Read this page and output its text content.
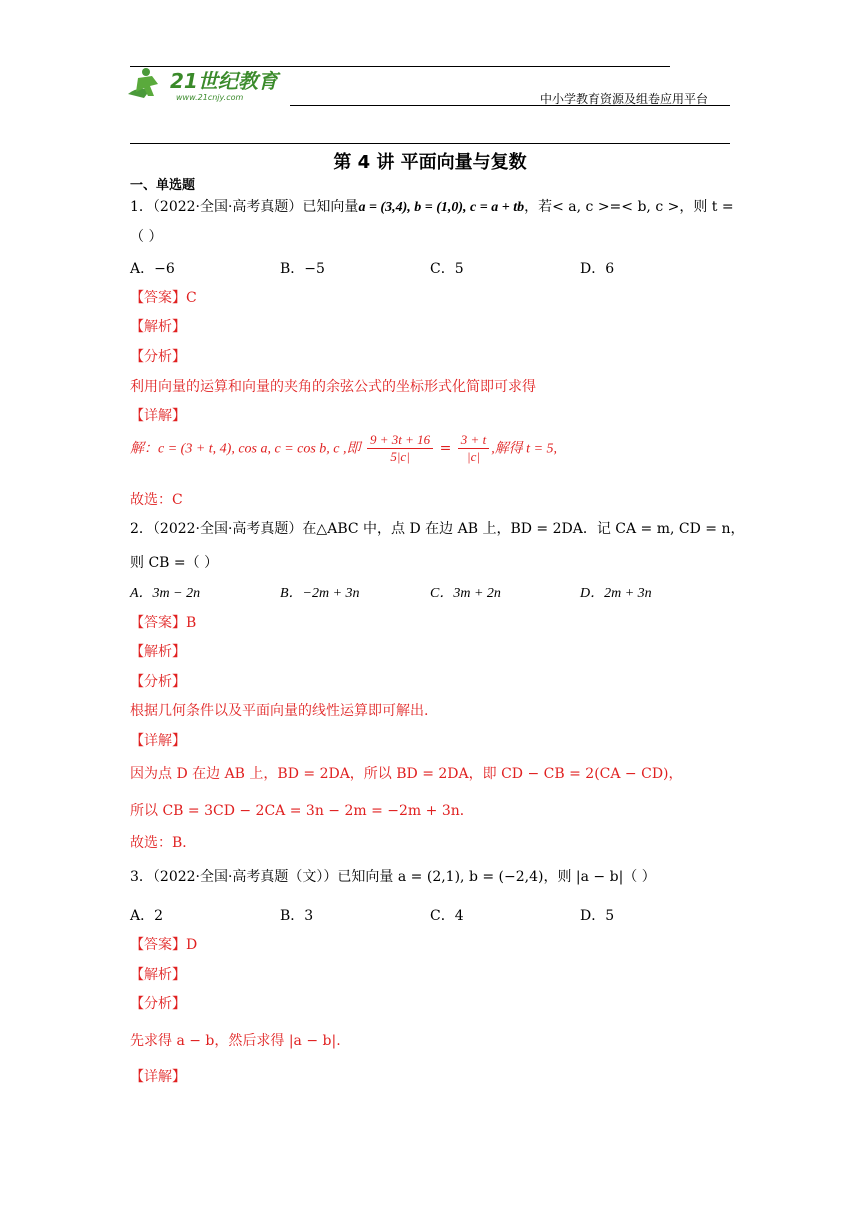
21世纪教育
www.21cnjy.com	中小学教育资源及组卷应用平台
第 4 讲 平面向量与复数
一、单选题
1．（2022·全国·高考真题）已知向量a = (3,4), b = (1,0), c = a + tb，若< a, c >=< b, c >，则 t =
（ ）
A．−6	B．−5	C．5	D．6
【答案】C
【解析】
【分析】
利用向量的运算和向量的夹角的余弦公式的坐标形式化简即可求得
【详解】
解：c = (3 + t, 4), cos a, c = cos b, c ,即 $\frac{9 + 3t + 16}{5|c|} = \frac{3 + t}{|c|}$ ,解得 t = 5,
故选：C
2．（2022·全国·高考真题）在△ABC 中，点 D 在边 AB 上，BD = 2DA．记 CA = m, CD = n，
则 CB =（ ）
A．3m − 2n	B．−2m + 3n	C．3m + 2n	D．2m + 3n
【答案】B
【解析】
【分析】
根据几何条件以及平面向量的线性运算即可解出.
【详解】
因为点 D 在边 AB 上，BD = 2DA，所以 BD = 2DA，即 CD − CB = 2(CA − CD)，
所以 CB = 3CD − 2CA = 3n − 2m = −2m + 3n．
故选：B．
3．（2022·全国·高考真题（文））已知向量 a = (2,1), b = (−2,4)，则 |a − b|（ ）
A．2	B．3	C．4	D．5
【答案】D
【解析】
【分析】
先求得 a − b，然后求得 |a − b|.
【详解】
